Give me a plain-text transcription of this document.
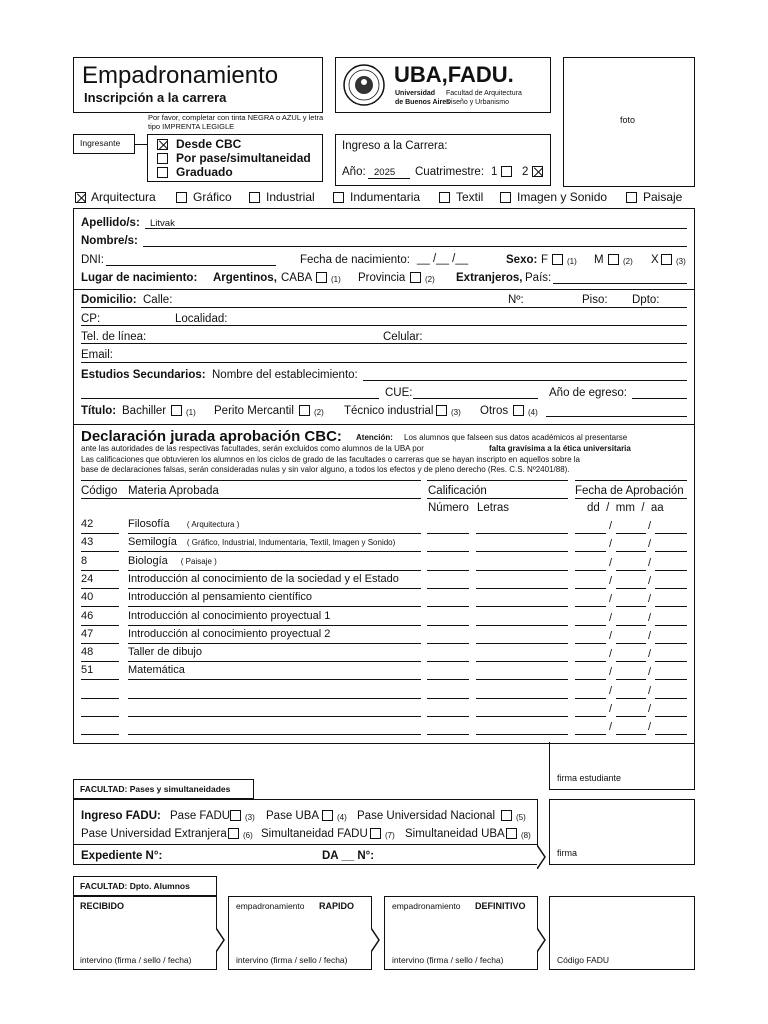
Empadronamiento
Inscripción a la carrera
UBA,FADU.
Universidad
de Buenos Aires
Facultad de Arquitectura
Diseño y Urbanismo
foto
Por favor, completar con tinta NEGRA o AZUL y letra tipo IMPRENTA LEGIGLE
Ingresante	Desde CBC
Por pase/simultaneidad
Graduado
Ingreso a la Carrera:
Año: 2025 Cuatrimestre: 1 2
Arquitectura	Gráfico	Industrial	Indumentaria	Textil	Imagen y Sonido	Paisaje
Apellido/s: Litvak
Nombre/s:
DNI:	Fecha de nacimiento: __ /__ /__	Sexo: F (1) M (2) X (3)
Lugar de nacimiento: Argentinos, CABA (1) Provincia (2) Extranjeros, País:
Domicilio: Calle:	Nº:	Piso: Dpto:
CP:	Localidad:
Tel. de línea:	Celular:
Email:
Estudios Secundarios: Nombre del establecimiento:
CUE:	Año de egreso:
Título: Bachiller (1) Perito Mercantil	(2) Técnico industrial (3) Otros (4)
Declaración jurada aprobación CBC: Atención: Los alumnos que falseen sus datos académicos al presentarse
ante las autoridades de las respectivas facultades, serán excluidos como alumnos de la UBA por	falta gravísima a la ética universitaria
Las calificaciones que obtuvieren los alumnos en los ciclos de grado de las facultades o carreras que se hayan inscripto en aquellos sobre la
base de declaraciones falsas, serán consideradas nulas y sin valor alguno, a todos los efectos y de pleno derecho (Res. C.S. Nº2401/88).
Código Materia Aprobada	Calificación	Fecha de Aprobación
Número Letras	dd  /  mm  /  aa
42	Filosofía ( Arquitectura )	/	/
43	Semilogía ( Gráfico, Industrial, Indumentaria, Textil, Imagen y Sonido)	/	/
8	Biología ( Paisaje )	/	/
24	Introducción al conocimiento de la sociedad y el Estado	/	/
40	Introducción al pensamiento científico	/	/
46	Introducción al conocimiento proyectual 1	/	/
47	Introducción al conocimiento proyectual 2	/	/
48	Taller de dibujo	/	/
51	Matemática	/	/
/	/
/	/
/	/
firma estudiante
FACULTAD: Pases y simultaneidades
Ingreso FADU: Pase FADU (3) Pase UBA (4) Pase Universidad Nacional	(5)
Pase Universidad Extranjera (6) Simultaneidad FADU (7) Simultaneidad UBA (8)
Expediente N°:	DA __ N°:	firma
FACULTAD: Dpto. Alumnos
RECIBIDO
intervino (firma / sello / fecha)
empadronamiento RAPIDO
intervino (firma / sello / fecha)
empadronamiento DEFINITIVO
intervino (firma / sello / fecha)	Código FADU
